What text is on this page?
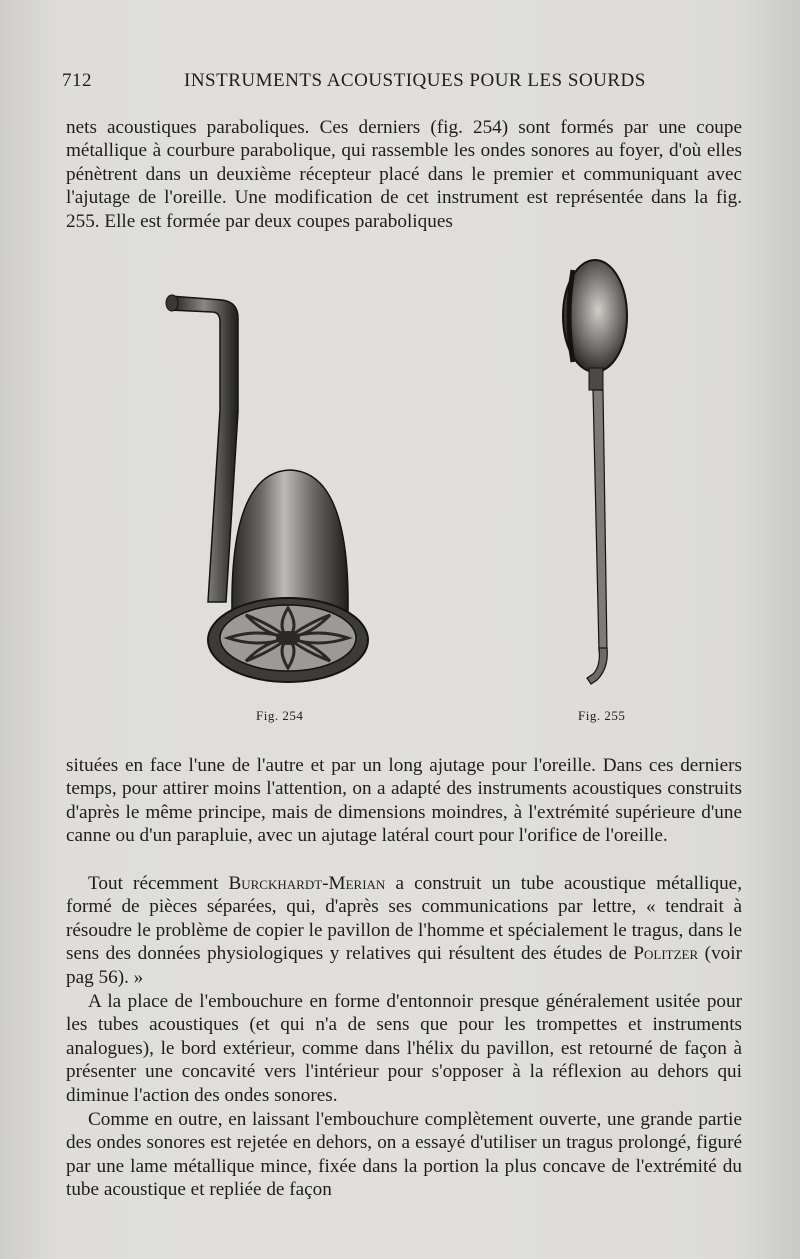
712	INSTRUMENTS ACOUSTIQUES POUR LES SOURDS

nets acoustiques paraboliques. Ces derniers (fig. 254) sont formés par une coupe métallique à courbure parabolique, qui rassemble les ondes sonores au foyer, d'où elles pénètrent dans un deuxième récepteur placé dans le premier et communiquant avec l'ajutage de l'oreille. Une modification de cet instrument est représentée dans la fig. 255. Elle est formée par deux coupes paraboliques

Fig. 254	Fig. 255

situées en face l'une de l'autre et par un long ajutage pour l'oreille. Dans ces derniers temps, pour attirer moins l'attention, on a adapté des instruments acoustiques construits d'après le même principe, mais de dimensions moindres, à l'extrémité supérieure d'une canne ou d'un parapluie, avec un ajutage latéral court pour l'orifice de l'oreille.

Tout récemment Burckhardt-Merian a construit un tube acoustique métallique, formé de pièces séparées, qui, d'après ses communications par lettre, « tendrait à résoudre le problème de copier le pavillon de l'homme et spécialement le tragus, dans le sens des données physiologiques y relatives qui résultent des études de Politzer (voir pag 56). »

A la place de l'embouchure en forme d'entonnoir presque généralement usitée pour les tubes acoustiques (et qui n'a de sens que pour les trompettes et instruments analogues), le bord extérieur, comme dans l'hélix du pavillon, est retourné de façon à présenter une concavité vers l'intérieur pour s'opposer à la réflexion au dehors qui diminue l'action des ondes sonores.

Comme en outre, en laissant l'embouchure complètement ouverte, une grande partie des ondes sonores est rejetée en dehors, on a essayé d'utiliser un tragus prolongé, figuré par une lame métallique mince, fixée dans la portion la plus concave de l'extrémité du tube acoustique et repliée de façon
